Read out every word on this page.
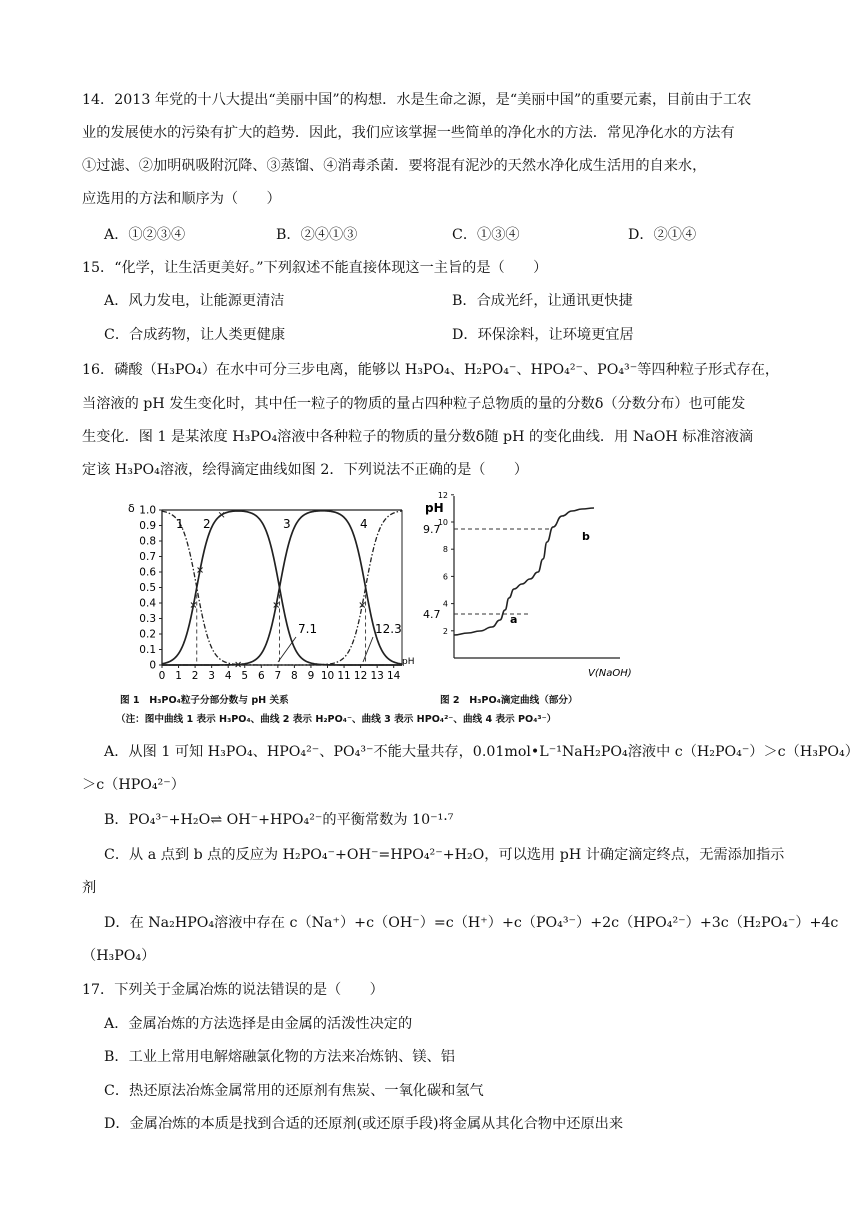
14．2013 年党的十八大提出“美丽中国”的构想．水是生命之源，是“美丽中国”的重要元素，目前由于工农
业的发展使水的污染有扩大的趋势．因此，我们应该掌握一些简单的净化水的方法．常见净化水的方法有
①过滤、②加明矾吸附沉降、③蒸馏、④消毒杀菌．要将混有泥沙的天然水净化成生活用的自来水，
应选用的方法和顺序为（　　）
A．①②③④	B．②④①③	C．①③④	D．②①④
15．“化学，让生活更美好。”下列叙述不能直接体现这一主旨的是（　　）
A．风力发电，让能源更清洁	B．合成光纤，让通讯更快捷
C．合成药物，让人类更健康	D．环保涂料，让环境更宜居
16．磷酸（H₃PO₄）在水中可分三步电离，能够以 H₃PO₄、H₂PO₄⁻、HPO₄²⁻、PO₄³⁻等四种粒子形式存在，
当溶液的 pH 发生变化时，其中任一粒子的物质的量占四种粒子总物质的量的分数δ（分数分布）也可能发
生变化．图 1 是某浓度 H₃PO₄溶液中各种粒子的物质的量分数δ随 pH 的变化曲线．用 NaOH 标准溶液滴
定该 H₃PO₄溶液，绘得滴定曲线如图 2．下列说法不正确的是（　　）
δ
0
0.1
0.2
0.3
0.4
0.5
0.6
0.7
0.8
0.9
1.0
0 1 2 3 4 5 6 7 8 9 10 11 12 13 14
pH
1 2	3	4
7.1	12.3
pH
2
4
6
8
10
12
4.7
9.7
a
b
V(NaOH)
图 1　H₃PO₄粒子分部分数与 pH 关系	图 2　H₃PO₄滴定曲线（部分）
（注：图中曲线 1 表示 H₃PO₄、曲线 2 表示 H₂PO₄⁻、曲线 3 表示 HPO₄²⁻、曲线 4 表示 PO₄³⁻）
A．从图 1 可知 H₃PO₄、HPO₄²⁻、PO₄³⁻不能大量共存，0.01mol•L⁻¹NaH₂PO₄溶液中 c（H₂PO₄⁻）＞c（H₃PO₄）
＞c（HPO₄²⁻）
B．PO₄³⁻+H₂O⇌ OH⁻+HPO₄²⁻的平衡常数为 10⁻¹·⁷
C．从 a 点到 b 点的反应为 H₂PO₄⁻+OH⁻=HPO₄²⁻+H₂O，可以选用 pH 计确定滴定终点，无需添加指示
剂
D．在 Na₂HPO₄溶液中存在 c（Na⁺）+c（OH⁻）=c（H⁺）+c（PO₄³⁻）+2c（HPO₄²⁻）+3c（H₂PO₄⁻）+4c
（H₃PO₄）
17．下列关于金属冶炼的说法错误的是（　　）
A．金属冶炼的方法选择是由金属的活泼性决定的
B．工业上常用电解熔融氯化物的方法来冶炼钠、镁、铝
C．热还原法冶炼金属常用的还原剂有焦炭、一氧化碳和氢气
D．金属冶炼的本质是找到合适的还原剂(或还原手段)将金属从其化合物中还原出来
